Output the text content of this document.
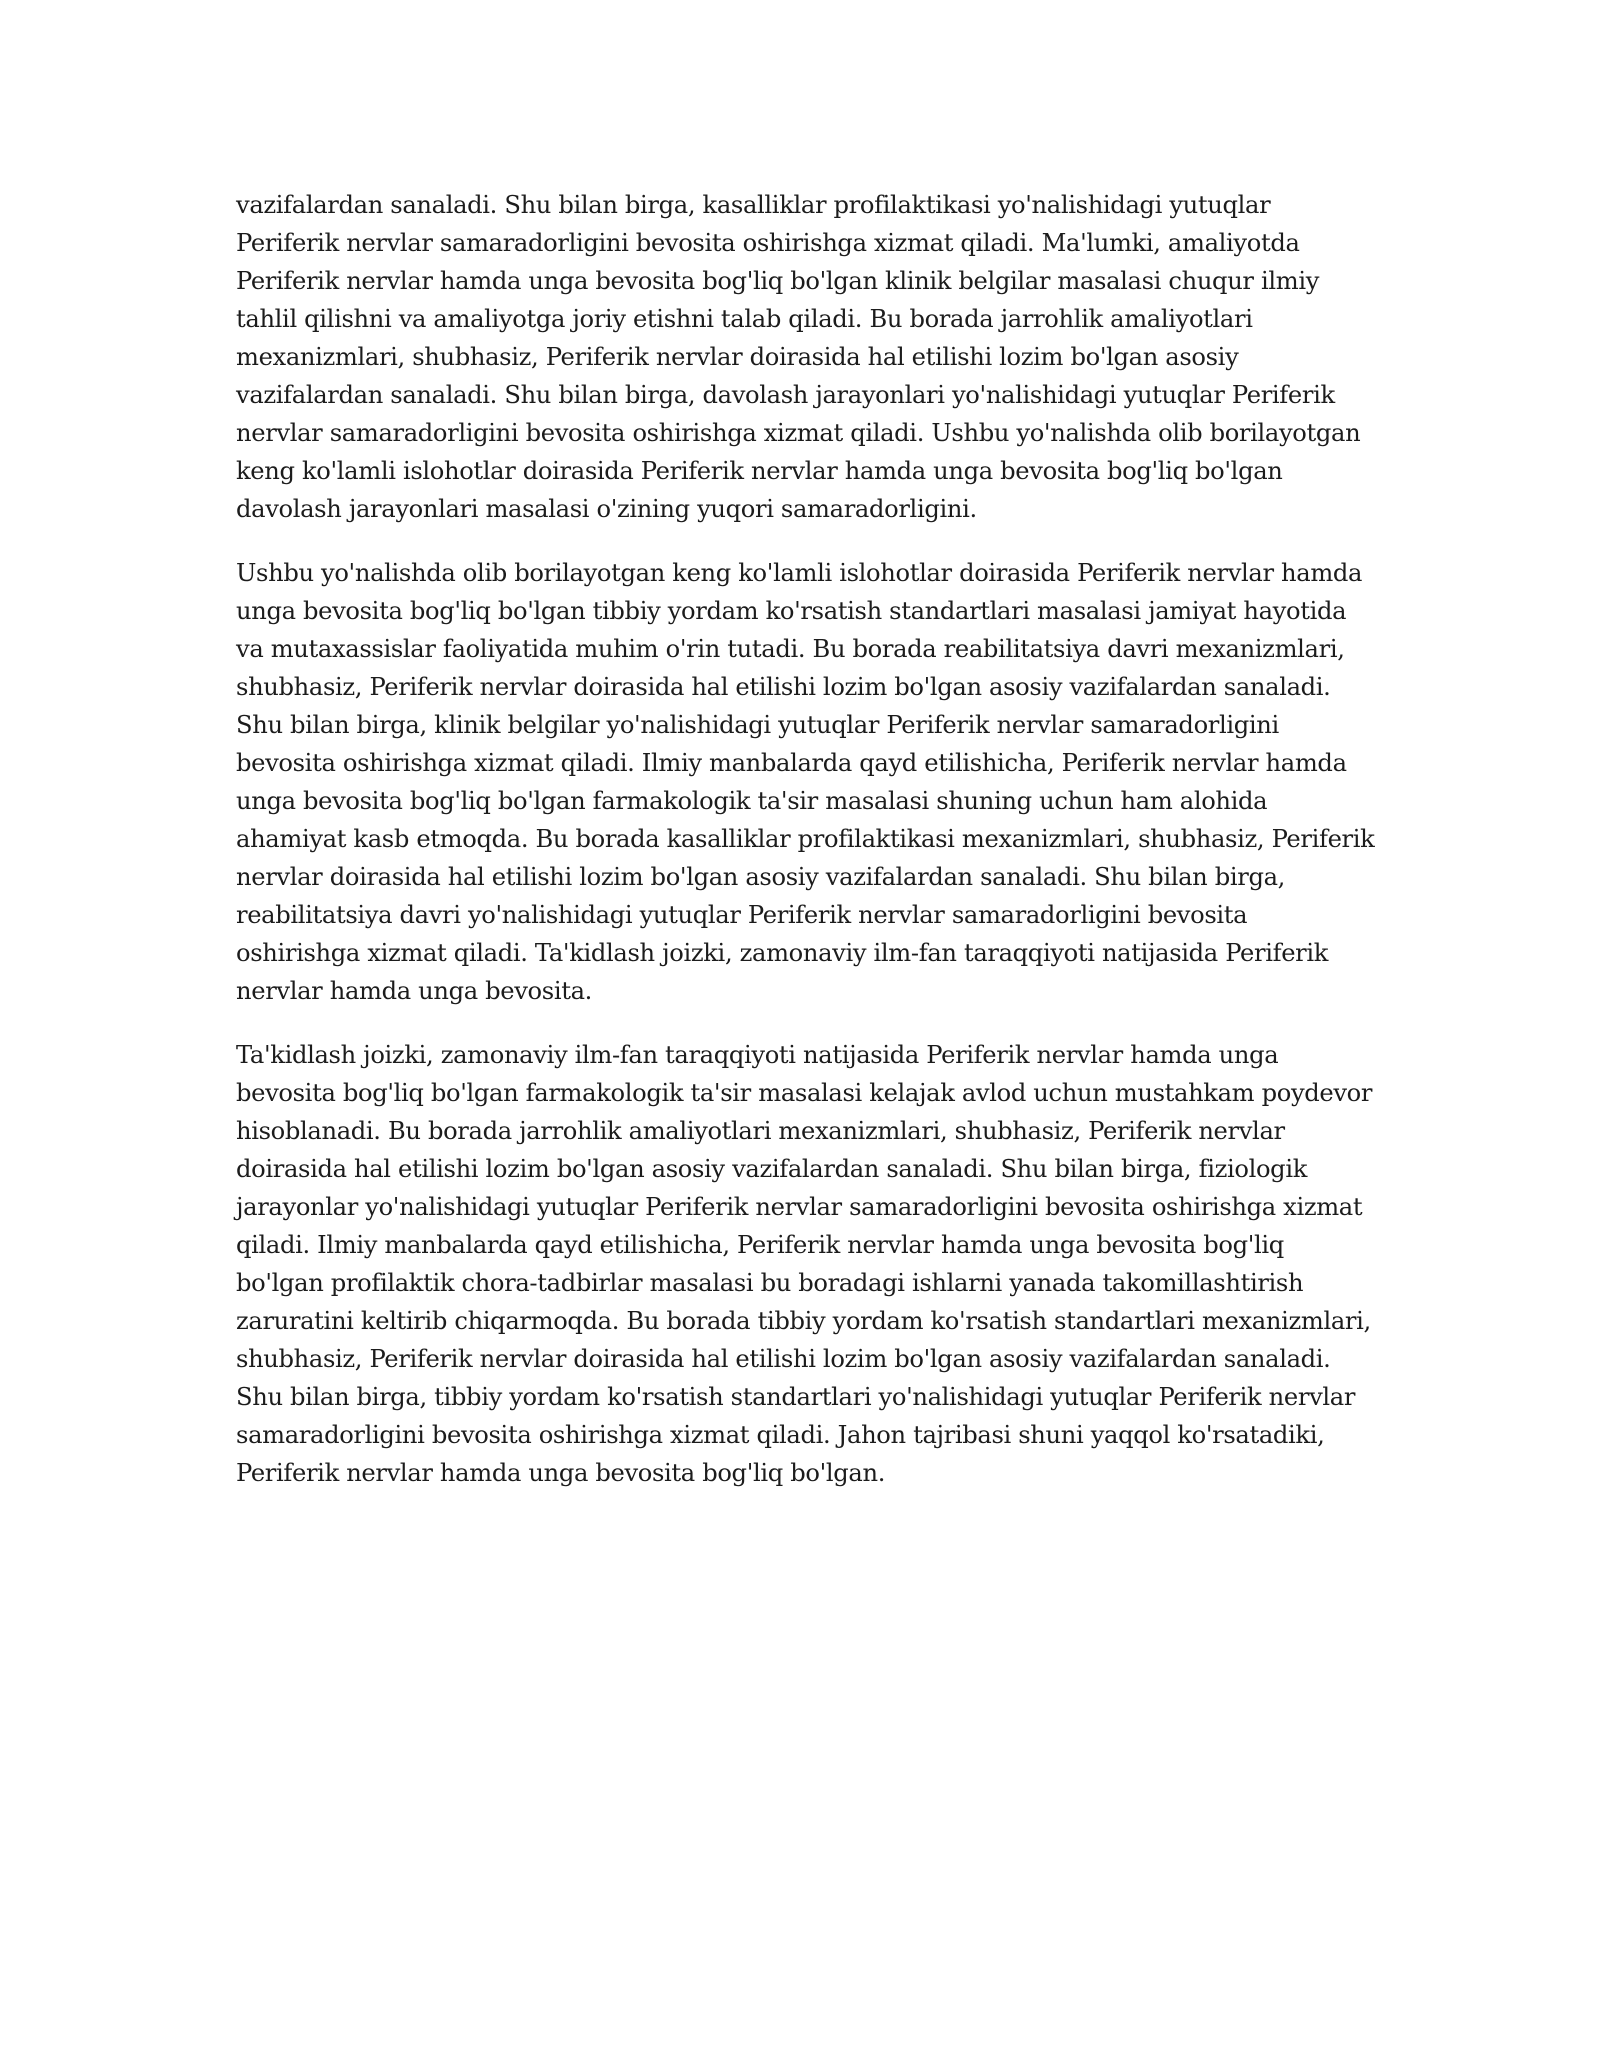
vazifalardan sanaladi. Shu bilan birga, kasalliklar profilaktikasi yo'nalishidagi yutuqlar Periferik nervlar samaradorligini bevosita oshirishga xizmat qiladi. Ma'lumki, amaliyotda Periferik nervlar hamda unga bevosita bog'liq bo'lgan klinik belgilar masalasi chuqur ilmiy tahlil qilishni va amaliyotga joriy etishni talab qiladi. Bu borada jarrohlik amaliyotlari mexanizmlari, shubhasiz, Periferik nervlar doirasida hal etilishi lozim bo'lgan asosiy vazifalardan sanaladi. Shu bilan birga, davolash jarayonlari yo'nalishidagi yutuqlar Periferik nervlar samaradorligini bevosita oshirishga xizmat qiladi. Ushbu yo'nalishda olib borilayotgan keng ko'lamli islohotlar doirasida Periferik nervlar hamda unga bevosita bog'liq bo'lgan davolash jarayonlari masalasi o'zining yuqori samaradorligini.

Ushbu yo'nalishda olib borilayotgan keng ko'lamli islohotlar doirasida Periferik nervlar hamda unga bevosita bog'liq bo'lgan tibbiy yordam ko'rsatish standartlari masalasi jamiyat hayotida va mutaxassislar faoliyatida muhim o'rin tutadi. Bu borada reabilitatsiya davri mexanizmlari, shubhasiz, Periferik nervlar doirasida hal etilishi lozim bo'lgan asosiy vazifalardan sanaladi. Shu bilan birga, klinik belgilar yo'nalishidagi yutuqlar Periferik nervlar samaradorligini bevosita oshirishga xizmat qiladi. Ilmiy manbalarda qayd etilishicha, Periferik nervlar hamda unga bevosita bog'liq bo'lgan farmakologik ta'sir masalasi shuning uchun ham alohida ahamiyat kasb etmoqda. Bu borada kasalliklar profilaktikasi mexanizmlari, shubhasiz, Periferik nervlar doirasida hal etilishi lozim bo'lgan asosiy vazifalardan sanaladi. Shu bilan birga, reabilitatsiya davri yo'nalishidagi yutuqlar Periferik nervlar samaradorligini bevosita oshirishga xizmat qiladi. Ta'kidlash joizki, zamonaviy ilm-fan taraqqiyoti natijasida Periferik nervlar hamda unga bevosita.

Ta'kidlash joizki, zamonaviy ilm-fan taraqqiyoti natijasida Periferik nervlar hamda unga bevosita bog'liq bo'lgan farmakologik ta'sir masalasi kelajak avlod uchun mustahkam poydevor hisoblanadi. Bu borada jarrohlik amaliyotlari mexanizmlari, shubhasiz, Periferik nervlar doirasida hal etilishi lozim bo'lgan asosiy vazifalardan sanaladi. Shu bilan birga, fiziologik jarayonlar yo'nalishidagi yutuqlar Periferik nervlar samaradorligini bevosita oshirishga xizmat qiladi. Ilmiy manbalarda qayd etilishicha, Periferik nervlar hamda unga bevosita bog'liq bo'lgan profilaktik chora-tadbirlar masalasi bu boradagi ishlarni yanada takomillashtirish zaruratini keltirib chiqarmoqda. Bu borada tibbiy yordam ko'rsatish standartlari mexanizmlari, shubhasiz, Periferik nervlar doirasida hal etilishi lozim bo'lgan asosiy vazifalardan sanaladi. Shu bilan birga, tibbiy yordam ko'rsatish standartlari yo'nalishidagi yutuqlar Periferik nervlar samaradorligini bevosita oshirishga xizmat qiladi. Jahon tajribasi shuni yaqqol ko'rsatadiki, Periferik nervlar hamda unga bevosita bog'liq bo'lgan.
